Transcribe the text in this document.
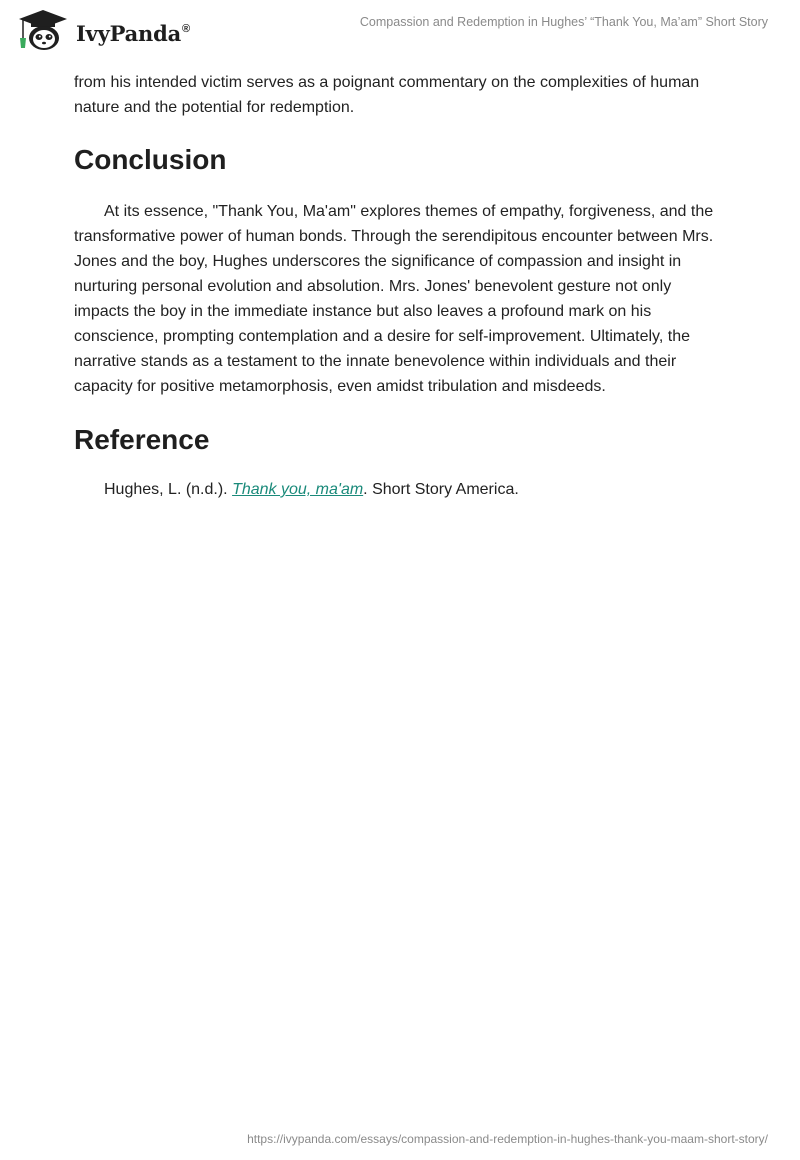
IvyPanda®	Compassion and Redemption in Hughes’ “Thank You, Ma’am” Short Story

from his intended victim serves as a poignant commentary on the complexities of human nature and the potential for redemption.

Conclusion

At its essence, "Thank You, Ma'am" explores themes of empathy, forgiveness, and the transformative power of human bonds. Through the serendipitous encounter between Mrs. Jones and the boy, Hughes underscores the significance of compassion and insight in nurturing personal evolution and absolution. Mrs. Jones' benevolent gesture not only impacts the boy in the immediate instance but also leaves a profound mark on his conscience, prompting contemplation and a desire for self-improvement. Ultimately, the narrative stands as a testament to the innate benevolence within individuals and their capacity for positive metamorphosis, even amidst tribulation and misdeeds.

Reference

Hughes, L. (n.d.). Thank you, ma'am. Short Story America.

https://ivypanda.com/essays/compassion-and-redemption-in-hughes-thank-you-maam-short-story/
